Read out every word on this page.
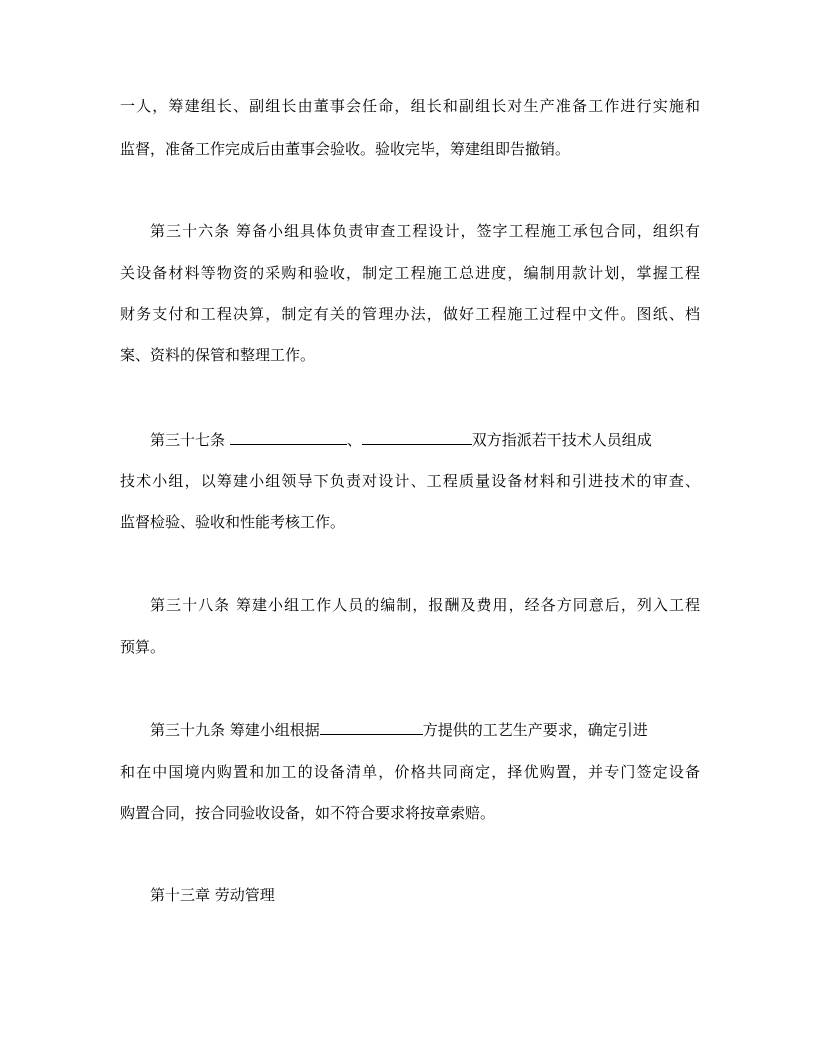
一人，筹建组长、副组长由董事会任命，组长和副组长对生产准备工作进行实施和
监督，准备工作完成后由董事会验收。验收完毕，筹建组即告撤销。
第三十六条 筹备小组具体负责审查工程设计，签字工程施工承包合同，组织有
关设备材料等物资的采购和验收，制定工程施工总进度，编制用款计划，掌握工程
财务支付和工程决算，制定有关的管理办法，做好工程施工过程中文件。图纸、档
案、资料的保管和整理工作。
第三十七条	、	双方指派若干技术人员组成
技术小组，以筹建小组领导下负责对设计、工程质量设备材料和引进技术的审查、
监督检验、验收和性能考核工作。
第三十八条 筹建小组工作人员的编制，报酬及费用，经各方同意后，列入工程
预算。
第三十九条 筹建小组根据	方提供的工艺生产要求，确定引进
和在中国境内购置和加工的设备清单，价格共同商定，择优购置，并专门签定设备
购置合同，按合同验收设备，如不符合要求将按章索赔。
第十三章 劳动管理
